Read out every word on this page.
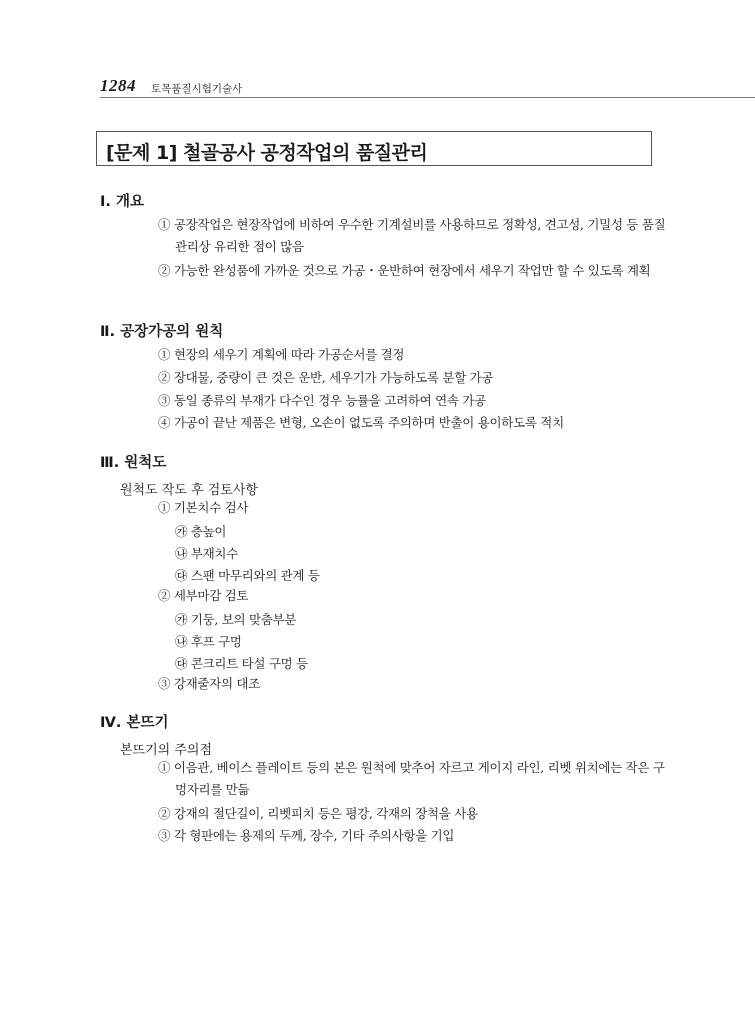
1284 토목품질시험기술사
[문제 1] 철골공사 공정작업의 품질관리
Ⅰ. 개요
① 공장작업은 현장작업에 비하여 우수한 기계설비를 사용하므로 정확성, 견고성, 기밀성 등 품질관리상 유리한 점이 많음
② 가능한 완성품에 가까운 것으로 가공・운반하여 현장에서 세우기 작업만 할 수 있도록 계획
Ⅱ. 공장가공의 원칙
① 현장의 세우기 계획에 따라 가공순서를 결정
② 장대물, 중량이 큰 것은 운반, 세우기가 가능하도록 분할 가공
③ 동일 종류의 부재가 다수인 경우 능률을 고려하여 연속 가공
④ 가공이 끝난 제품은 변형, 오손이 없도록 주의하며 반출이 용이하도록 적치
Ⅲ. 원척도
원척도 작도 후 검토사항
① 기본치수 검사
㉮ 층높이
㉯ 부재치수
㉰ 스팬 마무리와의 관계 등
② 세부마감 검토
㉮ 기둥, 보의 맞춤부분
㉯ 후프 구멍
㉰ 콘크리트 타설 구멍 등
③ 강재줄자의 대조
Ⅳ. 본뜨기
본뜨기의 주의점
① 이음관, 베이스 플레이트 등의 본은 원척에 맞추어 자르고 게이지 라인, 리벳 위치에는 작은 구멍자리를 만듦
② 강재의 절단길이, 리벳피치 등은 평강, 각재의 장척을 사용
③ 각 형판에는 용제의 두께, 장수, 기타 주의사항을 기입
